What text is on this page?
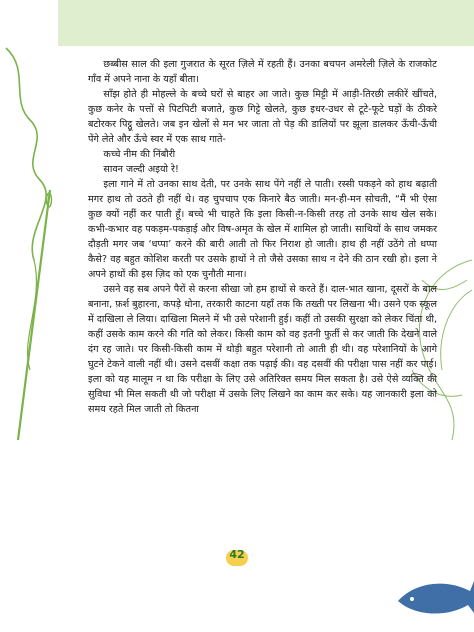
छब्बीस साल की इला गुजरात के सूरत ज़िले में रहती हैं। उनका बचपन अमरेली ज़िले के राजकोट गाँव में अपने नाना के यहाँ बीता।

साँझ होते ही मोहल्ले के बच्चे घरों से बाहर आ जाते। कुछ मिट्टी में आड़ी-तिरछी लकीरें खींचते, कुछ कनेर के पत्तों से पिटपिटी बजाते, कुछ गिट्टे खेलते, कुछ इधर-उधर से टूटे-फूटे घड़ों के ठीकरे बटोरकर पिट्ठू खेलते। जब इन खेलों से मन भर जाता तो पेड़ की डालियों पर झूला डालकर ऊँची-ऊँची पेंगे लेते और ऊँचे स्वर में एक साथ गाते-

कच्चे नीम की निंबौरी

सावन जल्दी अइयो रे!

इला गाने में तो उनका साथ देती, पर उनके साथ पेंगे नहीं ले पाती। रस्सी पकड़ने को हाथ बढ़ाती मगर हाथ तो उठते ही नहीं थे। वह चुपचाप एक किनारे बैठ जाती। मन-ही-मन सोचती, “मैं भी ऐसा कुछ क्यों नहीं कर पाती हूँ। बच्चे भी चाहते कि इला किसी-न-किसी तरह तो उनके साथ खेल सके। कभी-कभार वह पकड़म-पकड़ाई और विष-अमृत के खेल में शामिल हो जाती। साथियों के साथ जमकर दौड़ती मगर जब ‘धप्पा’ करने की बारी आती तो फिर निराश हो जाती। हाथ ही नहीं उठेंगे तो धप्पा कैसे? वह बहुत कोशिश करती पर उसके हाथों ने तो जैसे उसका साथ न देने की ठान रखी हो। इला ने अपने हाथों की इस ज़िद को एक चुनौती माना।

उसने वह सब अपने पैरों से करना सीखा जो हम हाथों से करते हैं। दाल-भात खाना, दूसरों के बाल बनाना, फ़र्श बुहारना, कपड़े धोना, तरकारी काटना यहाँ तक कि तख्ती पर लिखना भी। उसने एक स्कूल में दाखिला ले लिया। दाखिला मिलने में भी उसे परेशानी हुई। कहीं तो उसकी सुरक्षा को लेकर चिंता थी, कहीं उसके काम करने की गति को लेकर। किसी काम को वह इतनी फुर्ती से कर जाती कि देखने वाले दंग रह जाते। पर किसी-किसी काम में थोड़ी बहुत परेशानी तो आती ही थी। वह परेशानियों के आगे घुटने टेकने वाली नहीं थी। उसने दसवीं कक्षा तक पढ़ाई की। वह दसवीं की परीक्षा पास नहीं कर पाई। इला को यह मालूम न था कि परीक्षा के लिए उसे अतिरिक्त समय मिल सकता है। उसे ऐसे व्यक्ति की सुविधा भी मिल सकती थी जो परीक्षा में उसके लिए लिखने का काम कर सके। यह जानकारी इला को समय रहते मिल जाती तो कितना

42
